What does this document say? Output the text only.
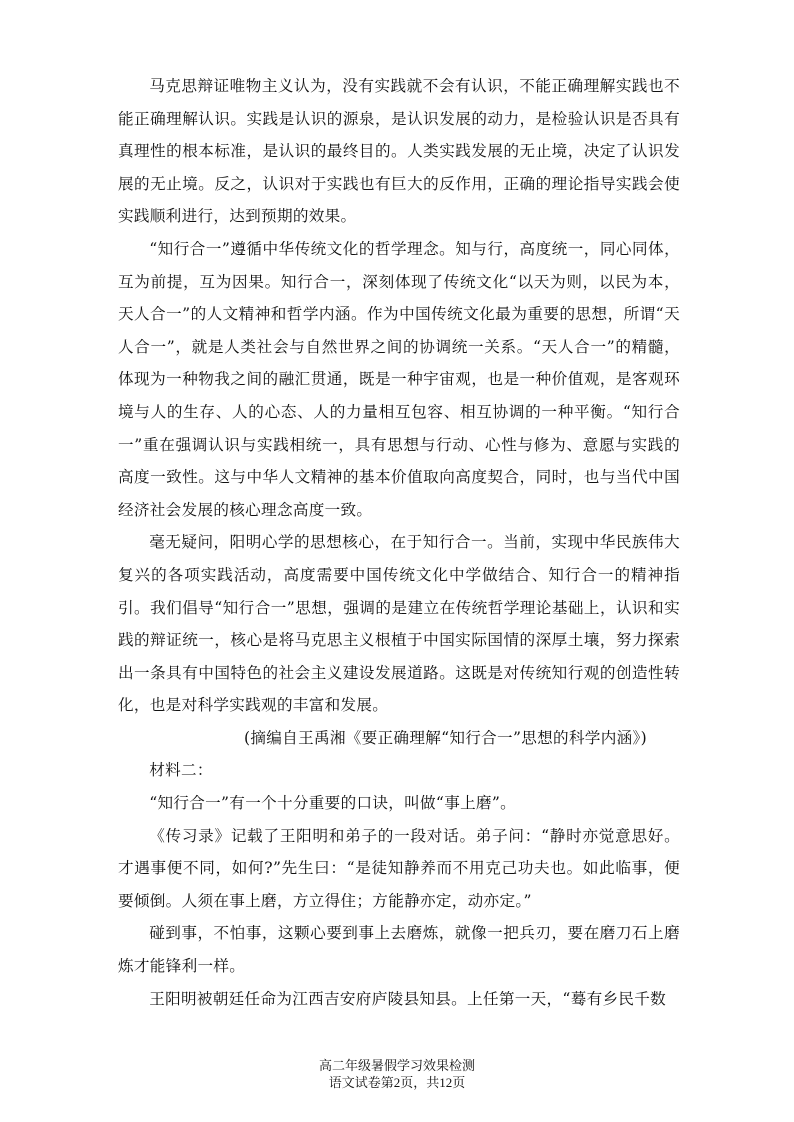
马克思辩证唯物主义认为，没有实践就不会有认识，不能正确理解实践也不能正确理解认识。实践是认识的源泉，是认识发展的动力，是检验认识是否具有真理性的根本标准，是认识的最终目的。人类实践发展的无止境，决定了认识发展的无止境。反之，认识对于实践也有巨大的反作用，正确的理论指导实践会使实践顺利进行，达到预期的效果。

“知行合一”遵循中华传统文化的哲学理念。知与行，高度统一，同心同体，互为前提，互为因果。知行合一，深刻体现了传统文化“以天为则，以民为本，天人合一”的人文精神和哲学内涵。作为中国传统文化最为重要的思想，所谓“天人合一”，就是人类社会与自然世界之间的协调统一关系。“天人合一”的精髓，体现为一种物我之间的融汇贯通，既是一种宇宙观，也是一种价值观，是客观环境与人的生存、人的心态、人的力量相互包容、相互协调的一种平衡。“知行合一”重在强调认识与实践相统一，具有思想与行动、心性与修为、意愿与实践的高度一致性。这与中华人文精神的基本价值取向高度契合，同时，也与当代中国经济社会发展的核心理念高度一致。

毫无疑问，阳明心学的思想核心，在于知行合一。当前，实现中华民族伟大复兴的各项实践活动，高度需要中国传统文化中学做结合、知行合一的精神指引。我们倡导“知行合一”思想，强调的是建立在传统哲学理论基础上，认识和实践的辩证统一，核心是将马克思主义根植于中国实际国情的深厚土壤，努力探索出一条具有中国特色的社会主义建设发展道路。这既是对传统知行观的创造性转化，也是对科学实践观的丰富和发展。

(摘编自王禹湘《要正确理解“知行合一”思想的科学内涵》)

材料二：

“知行合一”有一个十分重要的口诀，叫做“事上磨”。

《传习录》记载了王阳明和弟子的一段对话。弟子问：“静时亦觉意思好。才遇事便不同，如何?”先生曰：“是徒知静养而不用克己功夫也。如此临事，便要倾倒。人须在事上磨，方立得住；方能静亦定，动亦定。”

碰到事，不怕事，这颗心要到事上去磨炼，就像一把兵刃，要在磨刀石上磨炼才能锋利一样。

王阳明被朝廷任命为江西吉安府庐陵县知县。上任第一天，“蓦有乡民千数

高二年级暑假学习效果检测
语文试卷第2页，共12页
